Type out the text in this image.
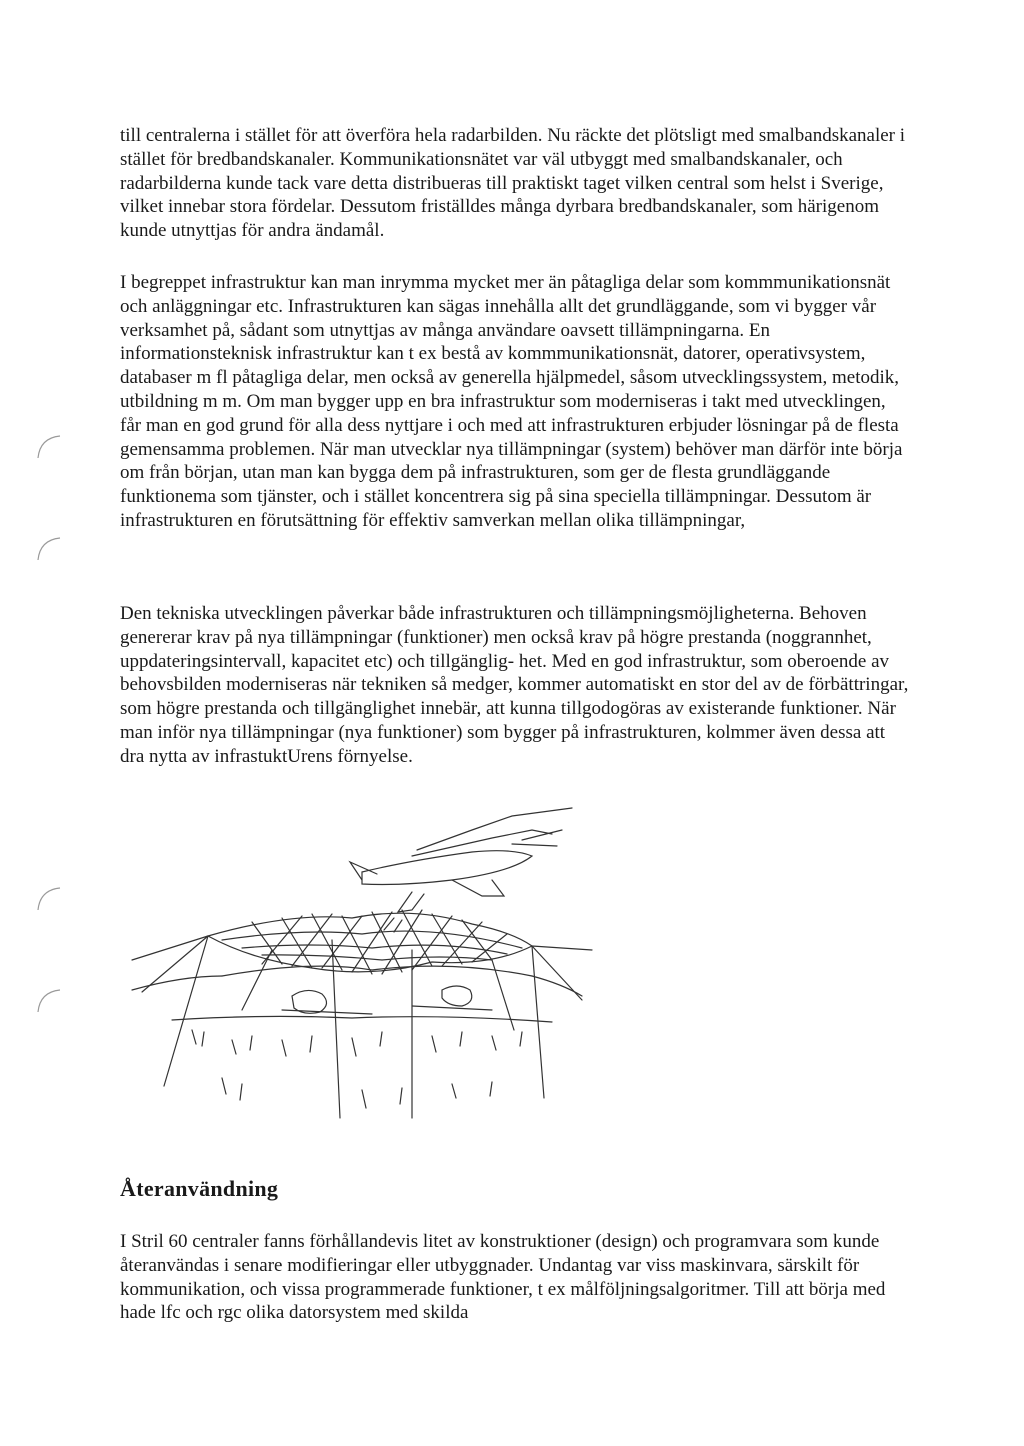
till centralerna i stället för att överföra hela radarbilden. Nu räckte det plötsligt med smalbandskanaler i stället för bredbandskanaler. Kommunikationsnätet var väl utbyggt med smalbandskanaler, och radarbilderna kunde tack vare detta distribueras till praktiskt taget vilken central som helst i Sverige, vilket innebar stora fördelar. Dessutom friställdes många dyrbara bredbandskanaler, som härigenom kunde utnyttjas för andra ändamål.

I begreppet infrastruktur kan man inrymma mycket mer än påtagliga delar som kommmunikationsnät och anläggningar etc. Infrastrukturen kan sägas innehålla allt det grundläggande, som vi bygger vår verksamhet på, sådant som utnyttjas av många användare oavsett tillämpningarna. En informationsteknisk infrastruktur kan t ex bestå av kommmunikationsnät, datorer, operativsystem, databaser m fl påtagliga delar, men också av generella hjälpmedel, såsom utvecklingssystem, metodik, utbildning m m. Om man bygger upp en bra infrastruktur som moderniseras i takt med utvecklingen, får man en god grund för alla dess nyttjare i och med att infrastrukturen erbjuder lösningar på de flesta gemensamma problemen. När man utvecklar nya tillämpningar (system) behöver man därför inte börja om från början, utan man kan bygga dem på infrastrukturen, som ger de flesta grundläggande funktionema som tjänster, och i stället koncentrera sig på sina speciella tillämpningar. Dessutom är infrastrukturen en förutsättning för effektiv samverkan mellan olika tillämpningar,

Den tekniska utvecklingen påverkar både infrastrukturen och tillämpningsmöjligheterna. Behoven genererar krav på nya tillämpningar (funktioner) men också krav på högre prestanda (noggrannhet, uppdateringsintervall, kapacitet etc) och tillgänglig- het. Med en god infrastruktur, som oberoende av behovsbilden moderniseras när tekniken så medger, kommer automatiskt en stor del av de förbättringar, som högre prestanda och tillgänglighet innebär, att kunna tillgodogöras av existerande funktioner. När man inför nya tillämpningar (nya funktioner) som bygger på infrastrukturen, kolmmer även dessa att dra nytta av infrastuktUrens förnyelse.

Återanvändning

I Stril 60 centraler fanns förhållandevis litet av konstruktioner (design) och programvara som kunde återanvändas i senare modifieringar eller utbyggnader. Undantag var viss maskinvara, särskilt för kommunikation, och vissa programmerade funktioner, t ex målföljningsalgoritmer. Till att börja med hade lfc och rgc olika datorsystem med skilda
